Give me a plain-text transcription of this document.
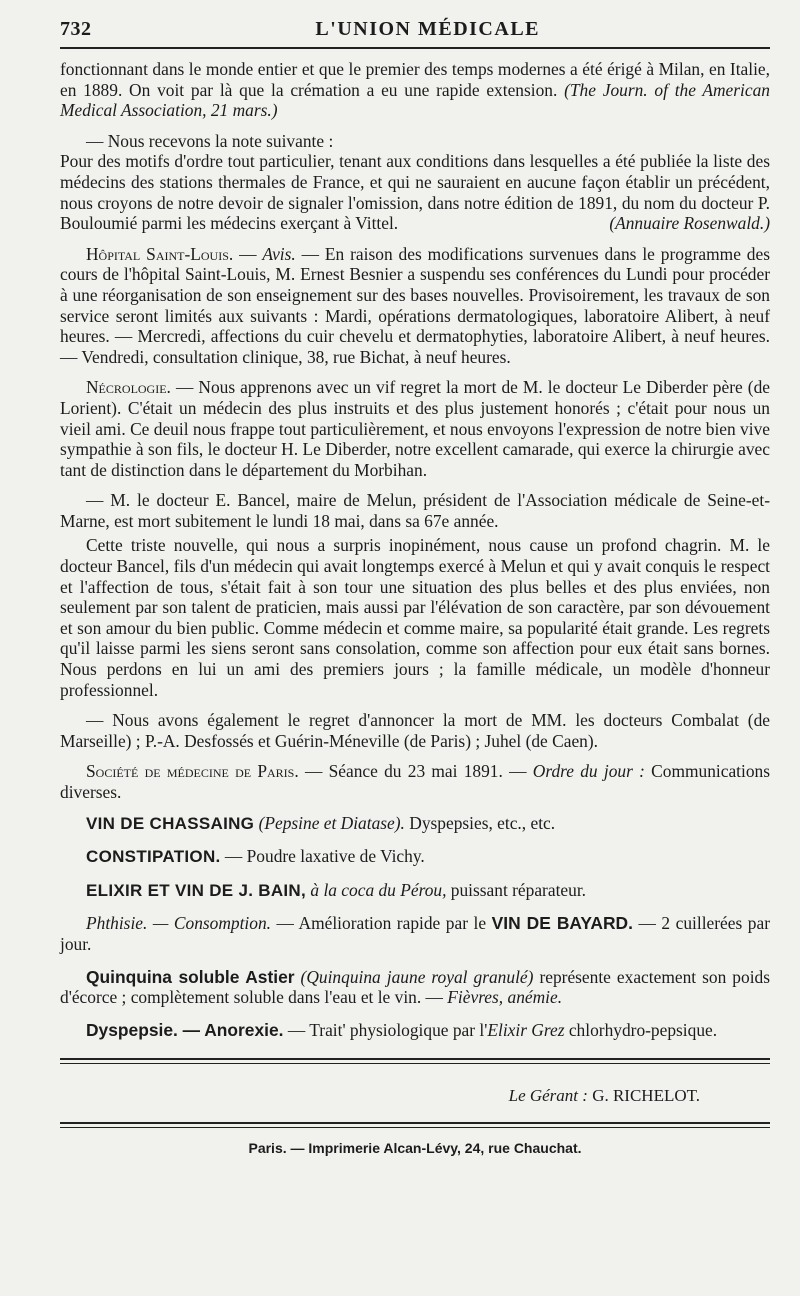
732	L'UNION MÉDICALE

fonctionnant dans le monde entier et que le premier des temps modernes a été érigé à Milan, en Italie, en 1889. On voit par là que la crémation a eu une rapide extension. (The Journ. of the American Medical Association, 21 mars.)

— Nous recevons la note suivante :
Pour des motifs d'ordre tout particulier, tenant aux conditions dans lesquelles a été publiée la liste des médecins des stations thermales de France, et qui ne sauraient en aucune façon établir un précédent, nous croyons de notre devoir de signaler l'omission, dans notre édition de 1891, du nom du docteur P. Bouloumié parmi les médecins exerçant à Vittel.	(Annuaire Rosenwald.)

Hôpital Saint-Louis. — Avis. — En raison des modifications survenues dans le programme des cours de l'hôpital Saint-Louis, M. Ernest Besnier a suspendu ses conférences du Lundi pour procéder à une réorganisation de son enseignement sur des bases nouvelles. Provisoirement, les travaux de son service seront limités aux suivants : Mardi, opérations dermatologiques, laboratoire Alibert, à neuf heures. — Mercredi, affections du cuir chevelu et dermatophyties, laboratoire Alibert, à neuf heures. — Vendredi, consultation clinique, 38, rue Bichat, à neuf heures.

Nécrologie. — Nous apprenons avec un vif regret la mort de M. le docteur Le Diberder père (de Lorient). C'était un médecin des plus instruits et des plus justement honorés ; c'était pour nous un vieil ami. Ce deuil nous frappe tout particulièrement, et nous envoyons l'expression de notre bien vive sympathie à son fils, le docteur H. Le Diberder, notre excellent camarade, qui exerce la chirurgie avec tant de distinction dans le département du Morbihan.

— M. le docteur E. Bancel, maire de Melun, président de l'Association médicale de Seine-et-Marne, est mort subitement le lundi 18 mai, dans sa 67e année.

Cette triste nouvelle, qui nous a surpris inopinément, nous cause un profond chagrin. M. le docteur Bancel, fils d'un médecin qui avait longtemps exercé à Melun et qui y avait conquis le respect et l'affection de tous, s'était fait à son tour une situation des plus belles et des plus enviées, non seulement par son talent de praticien, mais aussi par l'élévation de son caractère, par son dévouement et son amour du bien public. Comme médecin et comme maire, sa popularité était grande. Les regrets qu'il laisse parmi les siens seront sans consolation, comme son affection pour eux était sans bornes. Nous perdons en lui un ami des premiers jours ; la famille médicale, un modèle d'honneur professionnel.

— Nous avons également le regret d'annoncer la mort de MM. les docteurs Combalat (de Marseille) ; P.-A. Desfossés et Guérin-Méneville (de Paris) ; Juhel (de Caen).

Société de médecine de Paris. — Séance du 23 mai 1891. — Ordre du jour : Communications diverses.

VIN DE CHASSAING (Pepsine et Diatase). Dyspepsies, etc., etc.
CONSTIPATION. — Poudre laxative de Vichy.
ELIXIR ET VIN DE J. BAIN, à la coca du Pérou, puissant réparateur.

Phthisie. — Consomption. — Amélioration rapide par le VIN DE BAYARD. — 2 cuillerées par jour.

Quinquina soluble Astier (Quinquina jaune royal granulé) représente exactement son poids d'écorce ; complètement soluble dans l'eau et le vin. — Fièvres, anémie.

Dyspepsie. — Anorexie. — Trait' physiologique par l'Elixir Grez chlorhydro-pepsique.
Le Gérant : G. RICHELOT.
Paris. — Imprimerie Alcan-Lévy, 24, rue Chauchat.
